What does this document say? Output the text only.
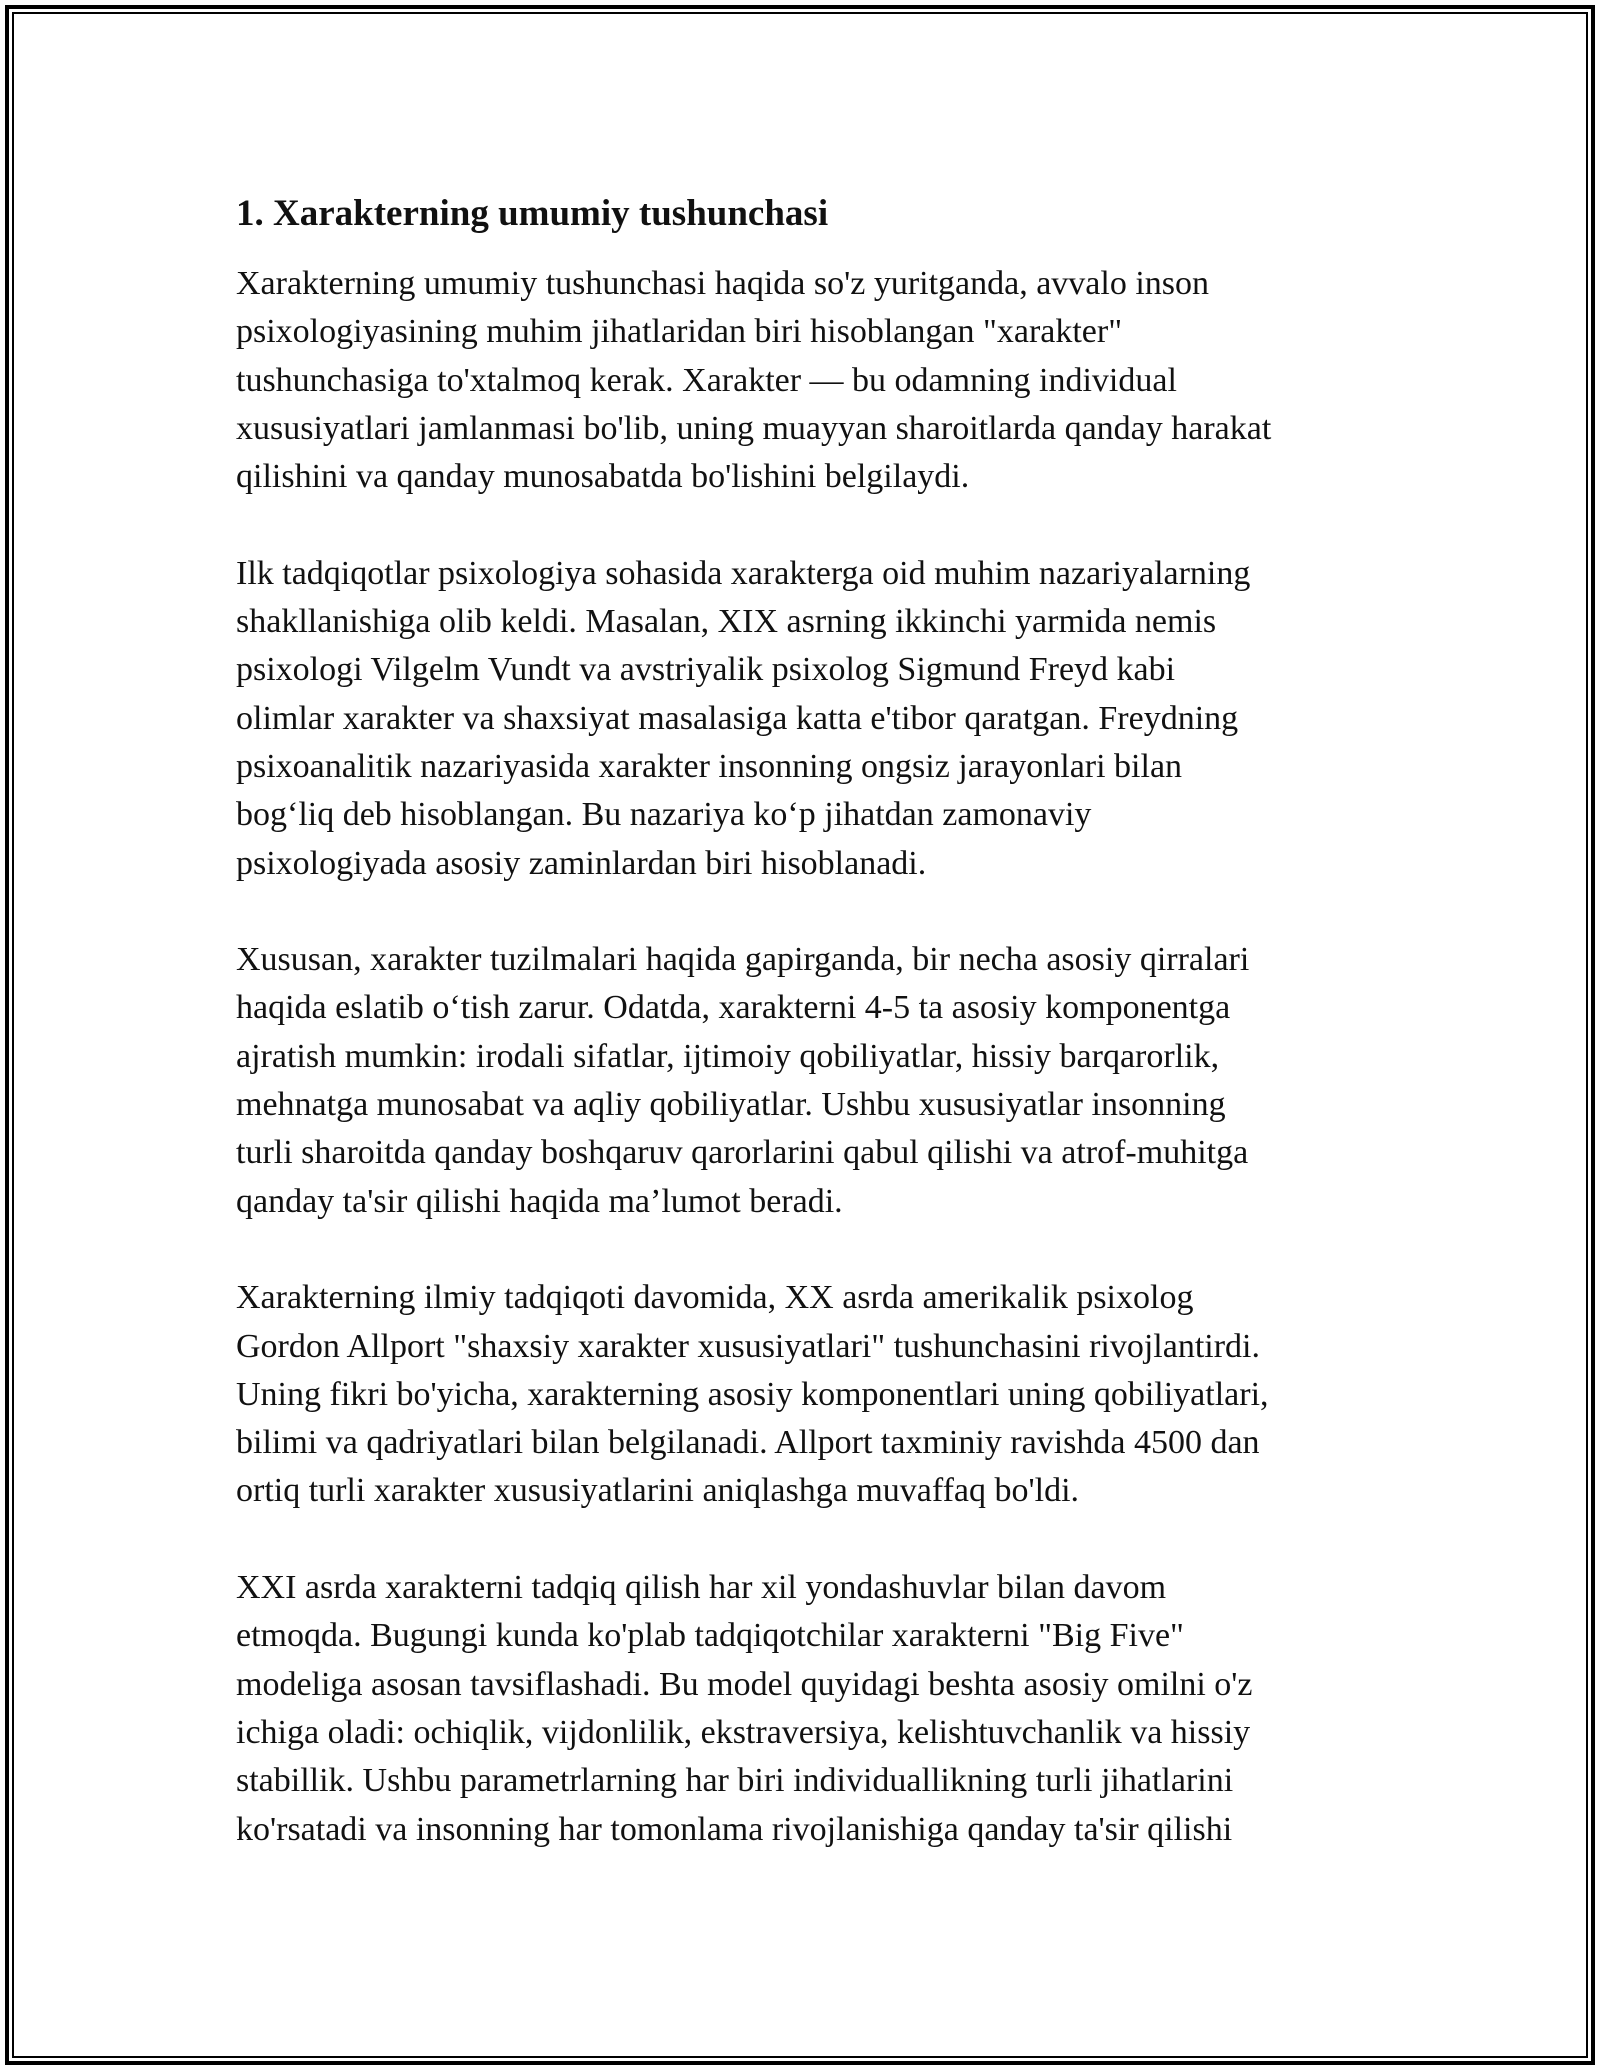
1. Xarakterning umumiy tushunchasi

Xarakterning umumiy tushunchasi haqida so'z yuritganda, avvalo inson
psixologiyasining muhim jihatlaridan biri hisoblangan "xarakter"
tushunchasiga to'xtalmoq kerak. Xarakter — bu odamning individual
xususiyatlari jamlanmasi bo'lib, uning muayyan sharoitlarda qanday harakat
qilishini va qanday munosabatda bo'lishini belgilaydi.

Ilk tadqiqotlar psixologiya sohasida xarakterga oid muhim nazariyalarning
shakllanishiga olib keldi. Masalan, XIX asrning ikkinchi yarmida nemis
psixologi Vilgelm Vundt va avstriyalik psixolog Sigmund Freyd kabi
olimlar xarakter va shaxsiyat masalasiga katta e'tibor qaratgan. Freydning
psixoanalitik nazariyasida xarakter insonning ongsiz jarayonlari bilan
bog‘liq deb hisoblangan. Bu nazariya ko‘p jihatdan zamonaviy
psixologiyada asosiy zaminlardan biri hisoblanadi.

Xususan, xarakter tuzilmalari haqida gapirganda, bir necha asosiy qirralari
haqida eslatib o‘tish zarur. Odatda, xarakterni 4-5 ta asosiy komponentga
ajratish mumkin: irodali sifatlar, ijtimoiy qobiliyatlar, hissiy barqarorlik,
mehnatga munosabat va aqliy qobiliyatlar. Ushbu xususiyatlar insonning
turli sharoitda qanday boshqaruv qarorlarini qabul qilishi va atrof-muhitga
qanday ta'sir qilishi haqida ma’lumot beradi.

Xarakterning ilmiy tadqiqoti davomida, XX asrda amerikalik psixolog
Gordon Allport "shaxsiy xarakter xususiyatlari" tushunchasini rivojlantirdi.
Uning fikri bo'yicha, xarakterning asosiy komponentlari uning qobiliyatlari,
bilimi va qadriyatlari bilan belgilanadi. Allport taxminiy ravishda 4500 dan
ortiq turli xarakter xususiyatlarini aniqlashga muvaffaq bo'ldi.

XXI asrda xarakterni tadqiq qilish har xil yondashuvlar bilan davom
etmoqda. Bugungi kunda ko'plab tadqiqotchilar xarakterni "Big Five"
modeliga asosan tavsiflashadi. Bu model quyidagi beshta asosiy omilni o'z
ichiga oladi: ochiqlik, vijdonlilik, ekstraversiya, kelishtuvchanlik va hissiy
stabillik. Ushbu parametrlarning har biri individuallikning turli jihatlarini
ko'rsatadi va insonning har tomonlama rivojlanishiga qanday ta'sir qilishi
